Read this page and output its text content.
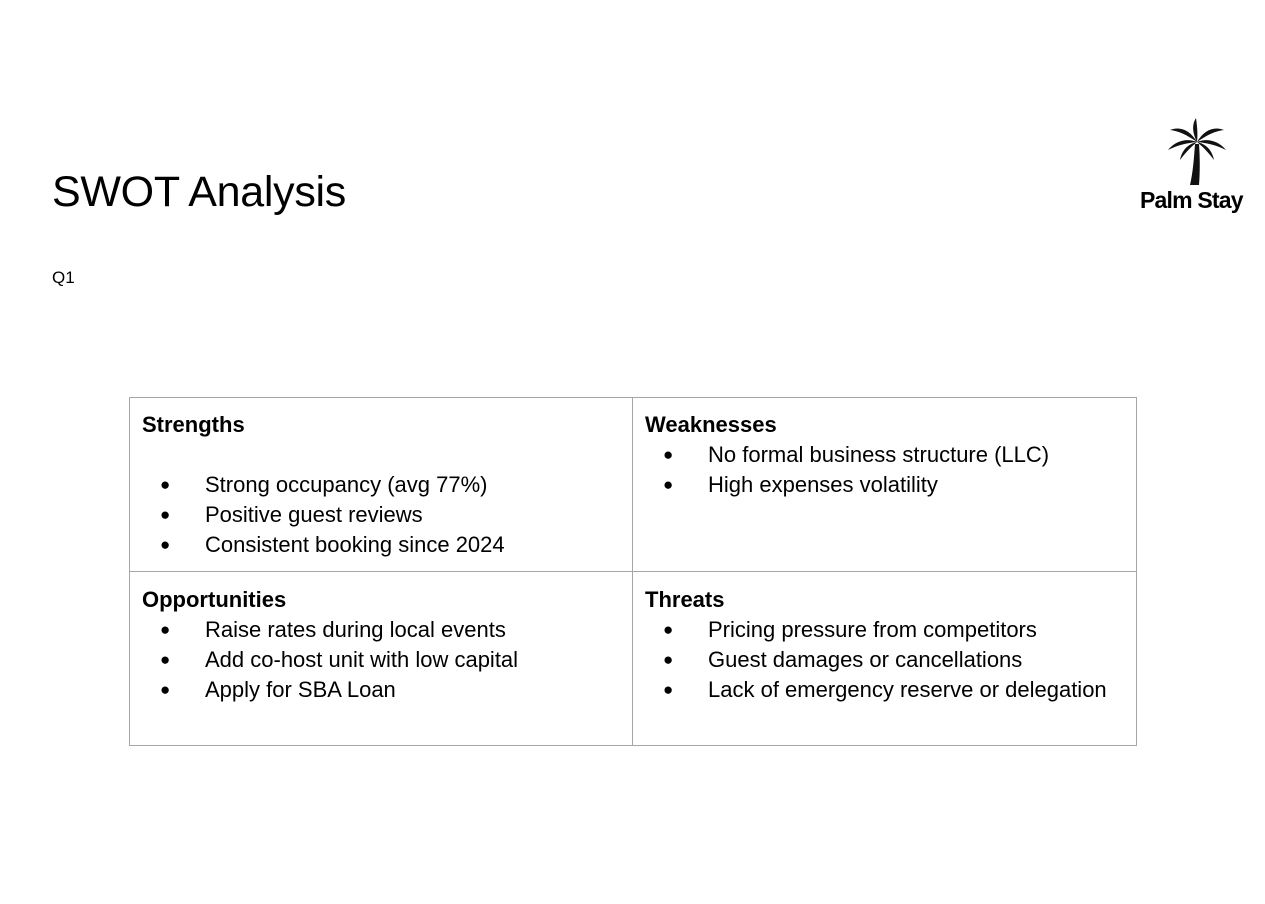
SWOT Analysis

Q1

Palm Stay
Strengths
● Strong occupancy (avg 77%)
● Positive guest reviews
● Consistent booking since 2024
Weaknesses
● No formal business structure (LLC)
● High expenses volatility
Opportunities
● Raise rates during local events
● Add co-host unit with low capital
● Apply for SBA Loan
Threats
● Pricing pressure from competitors
● Guest damages or cancellations
● Lack of emergency reserve or delegation
